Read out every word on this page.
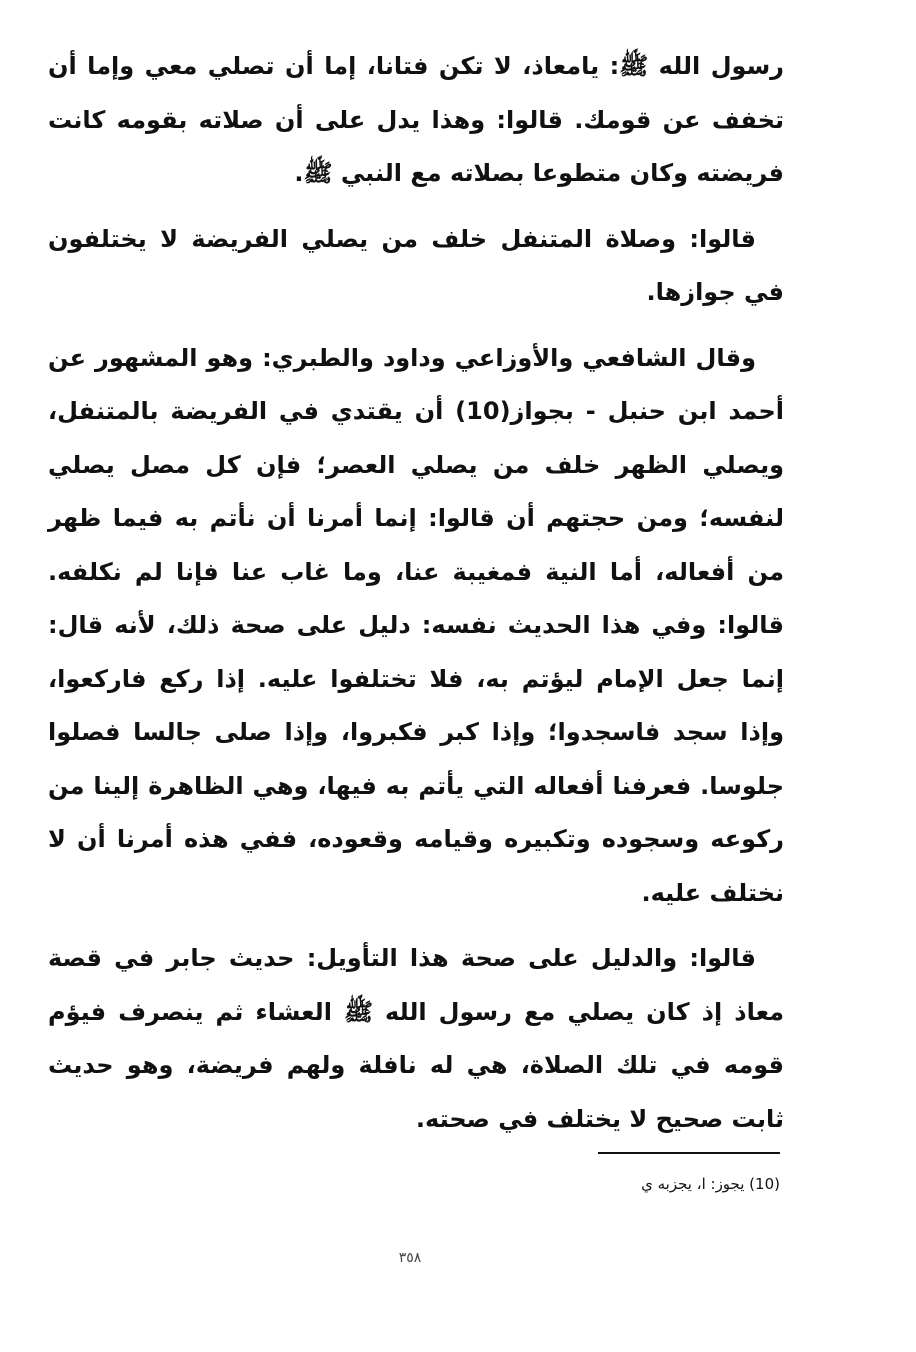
رسول الله ﷺ: يامعاذ، لا تكن فتانا، إما أن تصلي معي وإما أن تخفف عن قومك. قالوا: وهذا يدل على أن صلاته بقومه كانت فريضته وكان متطوعا بصلاته مع النبي ﷺ.

قالوا: وصلاة المتنفل خلف من يصلي الفريضة لا يختلفون في جوازها.

وقال الشافعي والأوزاعي وداود والطبري: وهو المشهور عن أحمد ابن حنبل - بجواز(10) أن يقتدي في الفريضة بالمتنفل، ويصلي الظهر خلف من يصلي العصر؛ فإن كل مصل يصلي لنفسه؛ ومن حجتهم أن قالوا: إنما أمرنا أن نأتم به فيما ظهر من أفعاله، أما النية فمغيبة عنا، وما غاب عنا فإنا لم نكلفه. قالوا: وفي هذا الحديث نفسه: دليل على صحة ذلك، لأنه قال: إنما جعل الإمام ليؤتم به، فلا تختلفوا عليه. إذا ركع فاركعوا، وإذا سجد فاسجدوا؛ وإذا كبر فكبروا، وإذا صلى جالسا فصلوا جلوسا. فعرفنا أفعاله التي يأتم به فيها، وهي الظاهرة إلينا من ركوعه وسجوده وتكبيره وقيامه وقعوده، ففي هذه أمرنا أن لا نختلف عليه.

قالوا: والدليل على صحة هذا التأويل: حديث جابر في قصة معاذ إذ كان يصلي مع رسول الله ﷺ العشاء ثم ينصرف فيؤم قومه في تلك الصلاة، هي له نافلة ولهم فريضة، وهو حديث ثابت صحيح لا يختلف في صحته.

(10) يجوز: ا، يجزبه ي
٣٥٨
